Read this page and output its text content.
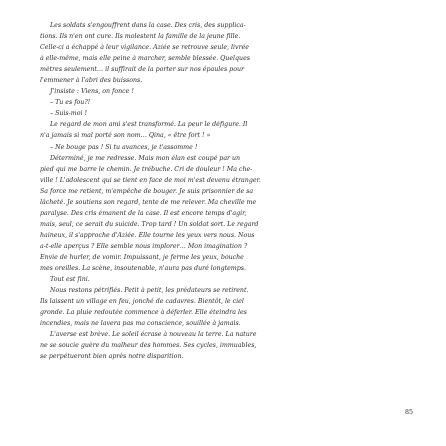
Les soldats s'engouffrent dans la case. Des cris, des supplica-
tions. Ils n'en ont cure. Ils molestent la famille de la jeune fille.
Celle-ci a échappé à leur vigilance. Aziée se retrouve seule, livrée
à elle-même, mais elle peine à marcher, semble blessée. Quelques
mètres seulement… il suffirait de la porter sur nos épaules pour
l'emmener à l'abri des buissons.

J'insiste : Viens, on fonce !

– Tu es fou?!

– Suis-moi !

Le regard de mon ami s'est transformé. La peur le défigure. Il
n'a jamais si mal porté son nom… Qina, « être fort ! »

– Ne bouge pas ! Si tu avances, je t'assomme !

Déterminé, je me redresse. Mais mon élan est coupé par un
pied qui me barre le chemin. Je trébuche. Cri de douleur ! Ma che-
ville ! L'adolescent qui se tient en face de moi m'est devenu étranger.
Sa force me retient, m'empêche de bouger. Je suis prisonnier de sa
lâcheté. Je soutiens son regard, tente de me relever. Ma cheville me
paralyse. Des cris émanent de la case. Il est encore temps d'agir,
mais, seul, ce serait du suicide. Trop tard ! Un soldat sort. Le regard
haineux, il s'approche d'Aziée. Elle tourne les yeux vers nous. Nous
a-t-elle aperçus ? Elle semble nous implorer… Mon imagination ?
Envie de hurler, de vomir. Impuissant, je ferme les yeux, bouche
mes oreilles. La scène, insoutenable, n'aura pas duré longtemps.

Tout est fini.

Nous restons pétrifiés. Petit à petit, les prédateurs se retirent.
Ils laissent un village en feu, jonché de cadavres. Bientôt, le ciel
gronde. La pluie redoutée commence à déferler. Elle éteindra les
incendies, mais ne lavera pas ma conscience, souillée à jamais.

L'averse est brève. Le soleil écrase à nouveau la terre. La nature
ne se soucie guère du malheur des hommes. Ses cycles, immuables,
se perpétueront bien après notre disparition.

85
